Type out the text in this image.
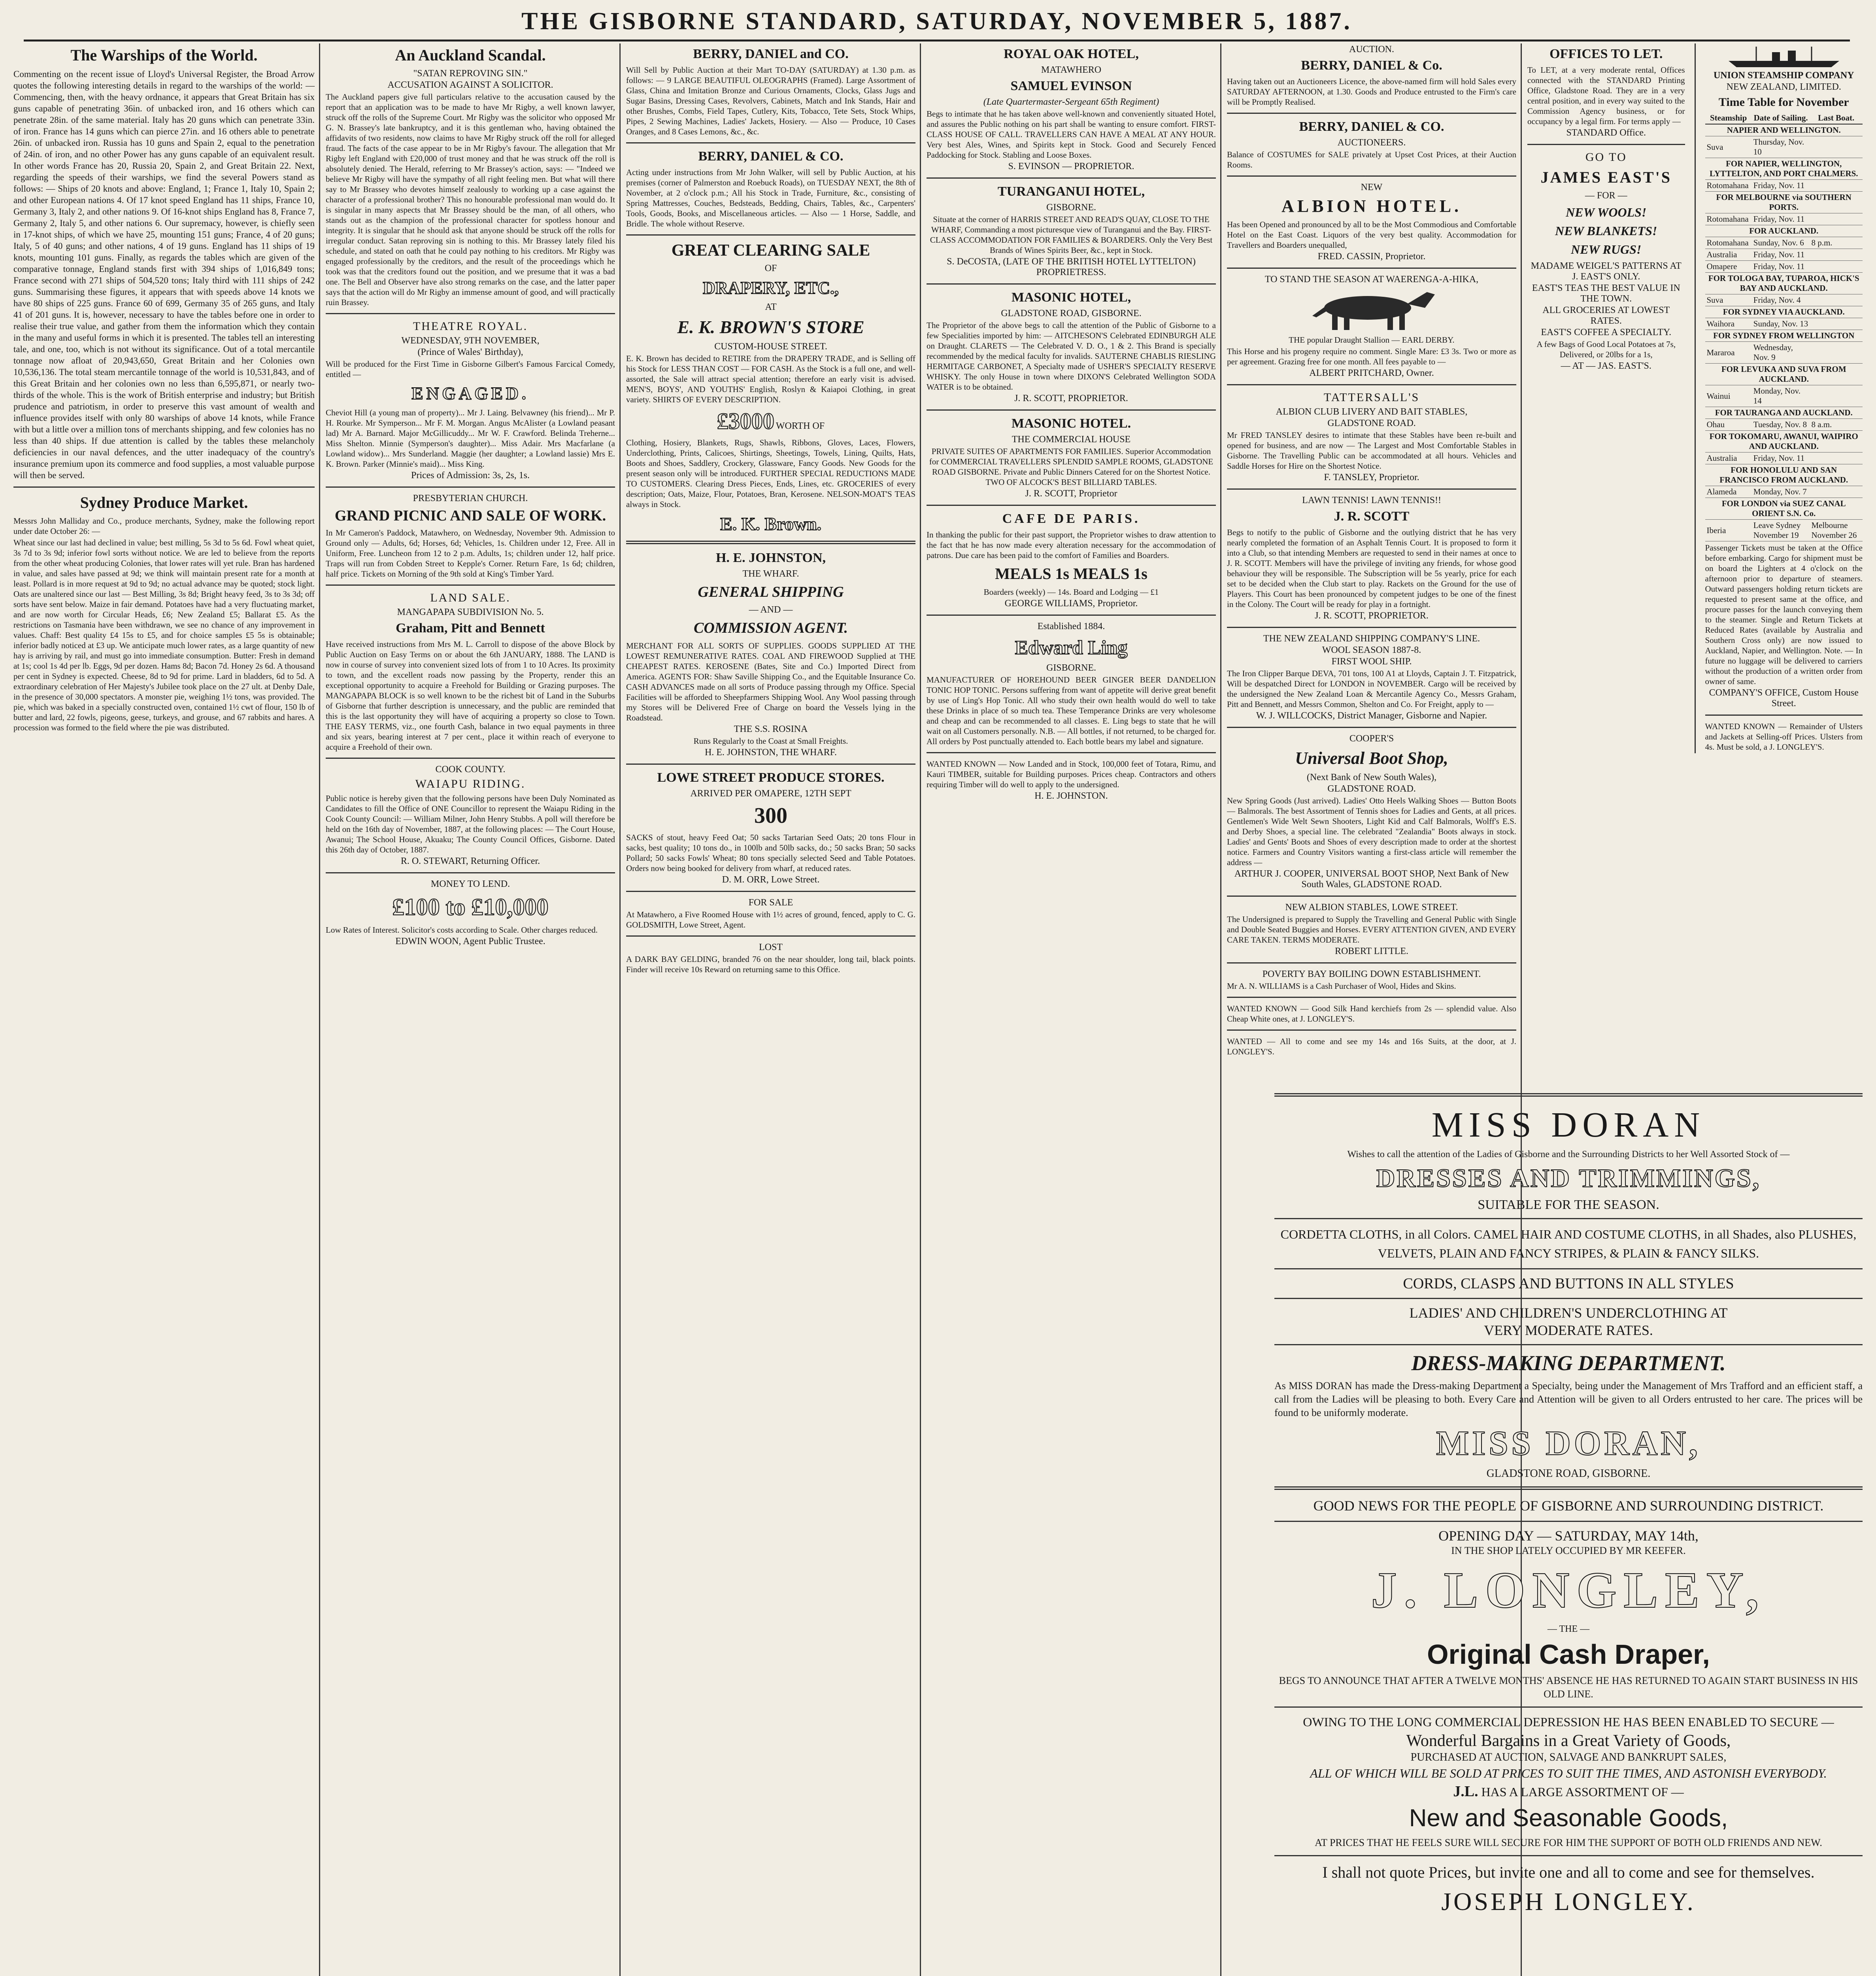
THE GISBORNE STANDARD, SATURDAY, NOVEMBER 5, 1887.
The Warships of the World.

Commenting on the recent issue of Lloyd's Universal Register, the Broad Arrow quotes the following interesting details in regard to the warships of the world: — Commencing, then, with the heavy ordnance, it appears that Great Britain has six guns capable of penetrating 36in. of unbacked iron, and 16 others which can penetrate 28in. of the same material. Italy has 20 guns which can penetrate 33in. of iron. France has 14 guns which can pierce 27in. and 16 others able to penetrate 26in. of unbacked iron. Russia has 10 guns and Spain 2, equal to the penetration of 24in. of iron, and no other Power has any guns capable of an equivalent result. In other words France has 20, Russia 20, Spain 2, and Great Britain 22. Next, regarding the speeds of their warships, we find the several Powers stand as follows: — Ships of 20 knots and above: England, 1; France 1, Italy 10, Spain 2; and other European nations 4. Of 17 knot speed England has 11 ships, France 10, Germany 3, Italy 2, and other nations 9. Of 16-knot ships England has 8, France 7, Germany 2, Italy 5, and other nations 6. Our supremacy, however, is chiefly seen in 17-knot ships, of which we have 25, mounting 151 guns; France, 4 of 20 guns; Italy, 5 of 40 guns; and other nations, 4 of 19 guns. England has 11 ships of 19 knots, mounting 101 guns. Finally, as regards the tables which are given of the comparative tonnage, England stands first with 394 ships of 1,016,849 tons; France second with 271 ships of 504,520 tons; Italy third with 111 ships of 242 guns. Summarising these figures, it appears that with speeds above 14 knots we have 80 ships of 225 guns. France 60 of 699, Germany 35 of 265 guns, and Italy 41 of 201 guns. It is, however, necessary to have the tables before one in order to realise their true value, and gather from them the information which they contain in the many and useful forms in which it is presented. The tables tell an interesting tale, and one, too, which is not without its significance. Out of a total mercantile tonnage now afloat of 20,943,650, Great Britain and her Colonies own 10,536,136. The total steam mercantile tonnage of the world is 10,531,843, and of this Great Britain and her colonies own no less than 6,595,871, or nearly two-thirds of the whole. This is the work of British enterprise and industry; but British prudence and patriotism, in order to preserve this vast amount of wealth and influence provides itself with only 80 warships of above 14 knots, while France with but a little over a million tons of merchants shipping, and few colonies has no less than 40 ships. If due attention is called by the tables these melancholy deficiencies in our naval defences, and the utter inadequacy of the country's insurance premium upon its commerce and food supplies, a most valuable purpose will then be served.

Sydney Produce Market.

Messrs John Malliday and Co., produce merchants, Sydney, make the following report under date October 26: —

Wheat since our last had declined in value; best milling, 5s 3d to 5s 6d. Fowl wheat quiet, 3s 7d to 3s 9d; inferior fowl sorts without notice. We are led to believe from the reports from the other wheat producing Colonies, that lower rates will yet rule. Bran has hardened in value, and sales have passed at 9d; we think will maintain present rate for a month at least. Pollard is in more request at 9d to 9d; no actual advance may be quoted; stock light. Oats are unaltered since our last — Best Milling, 3s 8d; Bright heavy feed, 3s to 3s 3d; off sorts have sent below. Maize in fair demand. Potatoes have had a very fluctuating market, and are now worth for Circular Heads, £6; New Zealand £5; Ballarat £5. As the restrictions on Tasmania have been withdrawn, we see no chance of any improvement in values. Chaff: Best quality £4 15s to £5, and for choice samples £5 5s is obtainable; inferior badly noticed at £3 up. We anticipate much lower rates, as a large quantity of new hay is arriving by rail, and must go into immediate consumption. Butter: Fresh in demand at 1s; cool 1s 4d per lb. Eggs, 9d per dozen. Hams 8d; Bacon 7d. Honey 2s 6d. A thousand per cent in Sydney is expected. Cheese, 8d to 9d for prime. Lard in bladders, 6d to 5d. A extraordinary celebration of Her Majesty's Jubilee took place on the 27 ult. at Denby Dale, in the presence of 30,000 spectators. A monster pie, weighing 1½ tons, was provided. The pie, which was baked in a specially constructed oven, contained 1½ cwt of flour, 150 lb of butter and lard, 22 fowls, pigeons, geese, turkeys, and grouse, and 67 rabbits and hares. A procession was formed to the field where the pie was distributed.

An Auckland Scandal.

"SATAN REPROVING SIN."

ACCUSATION AGAINST A SOLICITOR.

The Auckland papers give full particulars relative to the accusation caused by the report that an application was to be made to have Mr Rigby, a well known lawyer, struck off the rolls of the Supreme Court. Mr Rigby was the solicitor who opposed Mr G. N. Brassey's late bankruptcy, and it is this gentleman who, having obtained the affidavits of two residents, now claims to have Mr Rigby struck off the roll for alleged fraud. The facts of the case appear to be in Mr Rigby's favour. The allegation that Mr Rigby left England with £20,000 of trust money and that he was struck off the roll is absolutely denied. The Herald, referring to Mr Brassey's action, says: — "Indeed we believe Mr Rigby will have the sympathy of all right feeling men. But what will there say to Mr Brassey who devotes himself zealously to working up a case against the character of a professional brother? This no honourable professional man would do. It is singular in many aspects that Mr Brassey should be the man, of all others, who stands out as the champion of the professional character for spotless honour and integrity. It is singular that he should ask that anyone should be struck off the rolls for irregular conduct. Satan reproving sin is nothing to this. Mr Brassey lately filed his schedule, and stated on oath that he could pay nothing to his creditors. Mr Rigby was engaged professionally by the creditors, and the result of the proceedings which he took was that the creditors found out the position, and we presume that it was a bad one. The Bell and Observer have also strong remarks on the case, and the latter paper says that the action will do Mr Rigby an immense amount of good, and will practically ruin Brassey.

THEATRE ROYAL.

WEDNESDAY, 9TH NOVEMBER,

(Prince of Wales' Birthday),

Will be produced for the First Time in Gisborne Gilbert's Famous Farcical Comedy, entitled —

ENGAGED.

Cheviot Hill (a young man of property)... Mr J. Laing. Belvawney (his friend)... Mr P. H. Rourke. Mr Symperson... Mr F. M. Morgan. Angus McAlister (a Lowland peasant lad) Mr A. Barnard. Major McGillicuddy... Mr W. F. Crawford. Belinda Treherne... Miss Shelton. Minnie (Symperson's daughter)... Miss Adair. Mrs Macfarlane (a Lowland widow)... Mrs Sunderland. Maggie (her daughter; a Lowland lassie) Mrs E. K. Brown. Parker (Minnie's maid)... Miss King.

Prices of Admission: 3s, 2s, 1s.

PRESBYTERIAN CHURCH.

GRAND PICNIC AND SALE OF WORK.

In Mr Cameron's Paddock, Matawhero, on Wednesday, November 9th. Admission to Ground only — Adults, 6d; Horses, 6d; Vehicles, 1s. Children under 12, Free. All in Uniform, Free. Luncheon from 12 to 2 p.m. Adults, 1s; children under 12, half price. Traps will run from Cobden Street to Kepple's Corner. Return Fare, 1s 6d; children, half price. Tickets on Morning of the 9th sold at King's Timber Yard.

LAND SALE.

MANGAPAPA SUBDIVISION No. 5.

Graham, Pitt and Bennett

Have received instructions from Mrs M. L. Carroll to dispose of the above Block by Public Auction on Easy Terms on or about the 6th JANUARY, 1888. The LAND is now in course of survey into convenient sized lots of from 1 to 10 Acres. Its proximity to town, and the excellent roads now passing by the Property, render this an exceptional opportunity to acquire a Freehold for Building or Grazing purposes. The MANGAPAPA BLOCK is so well known to be the richest bit of Land in the Suburbs of Gisborne that further description is unnecessary, and the public are reminded that this is the last opportunity they will have of acquiring a property so close to Town. THE EASY TERMS, viz., one fourth Cash, balance in two equal payments in three and six years, bearing interest at 7 per cent., place it within reach of everyone to acquire a Freehold of their own.

COOK COUNTY.

WAIAPU RIDING.

Public notice is hereby given that the following persons have been Duly Nominated as Candidates to fill the Office of ONE Councillor to represent the Waiapu Riding in the Cook County Council: — William Milner, John Henry Stubbs. A poll will therefore be held on the 16th day of November, 1887, at the following places: — The Court House, Awanui; The School House, Akuaku; The County Council Offices, Gisborne. Dated this 26th day of October, 1887.

R. O. STEWART, Returning Officer.

MONEY TO LEND.

£100 to £10,000

Low Rates of Interest. Solicitor's costs according to Scale. Other charges reduced.

EDWIN WOON, Agent Public Trustee.

BERRY, DANIEL and CO.

Will Sell by Public Auction at their Mart TO-DAY (SATURDAY) at 1.30 p.m. as follows: — 9 LARGE BEAUTIFUL OLEOGRAPHS (Framed). Large Assortment of Glass, China and Imitation Bronze and Curious Ornaments, Clocks, Glass Jugs and Sugar Basins, Dressing Cases, Revolvers, Cabinets, Match and Ink Stands, Hair and other Brushes, Combs, Field Tapes, Cutlery, Kits, Tobacco, Tete Sets, Stock Whips, Pipes, 2 Sewing Machines, Ladies' Jackets, Hosiery. — Also — Produce, 10 Cases Oranges, and 8 Cases Lemons, &c., &c.

BERRY, DANIEL & CO.

Acting under instructions from Mr John Walker, will sell by Public Auction, at his premises (corner of Palmerston and Roebuck Roads), on TUESDAY NEXT, the 8th of November, at 2 o'clock p.m.; All his Stock in Trade, Furniture, &c., consisting of Spring Mattresses, Couches, Bedsteads, Bedding, Chairs, Tables, &c., Carpenters' Tools, Goods, Books, and Miscellaneous articles. — Also — 1 Horse, Saddle, and Bridle. The whole without Reserve.

GREAT CLEARING SALE

OF

DRAPERY, ETC.,

AT

E. K. BROWN'S STORE

CUSTOM-HOUSE STREET.

E. K. Brown has decided to RETIRE from the DRAPERY TRADE, and is Selling off his Stock for LESS THAN COST — FOR CASH. As the Stock is a full one, and well-assorted, the Sale will attract special attention; therefore an early visit is advised. MEN'S, BOYS', AND YOUTHS' English, Roslyn & Kaiapoi Clothing, in great variety. SHIRTS OF EVERY DESCRIPTION.

£3000 WORTH OF

Clothing, Hosiery, Blankets, Rugs, Shawls, Ribbons, Gloves, Laces, Flowers, Underclothing, Prints, Calicoes, Shirtings, Sheetings, Towels, Lining, Quilts, Hats, Boots and Shoes, Saddlery, Crockery, Glassware, Fancy Goods. New Goods for the present season only will be introduced. FURTHER SPECIAL REDUCTIONS MADE TO CUSTOMERS. Clearing Dress Pieces, Ends, Lines, etc. GROCERIES of every description; Oats, Maize, Flour, Potatoes, Bran, Kerosene. NELSON-MOAT'S TEAS always in Stock.

E. K. Brown.

H. E. JOHNSTON,

THE WHARF.

GENERAL SHIPPING

— AND —

COMMISSION AGENT.

MERCHANT FOR ALL SORTS OF SUPPLIES. GOODS SUPPLIED AT THE LOWEST REMUNERATIVE RATES. COAL AND FIREWOOD Supplied at THE CHEAPEST RATES. KEROSENE (Bates, Site and Co.) Imported Direct from America. AGENTS FOR: Shaw Saville Shipping Co., and the Equitable Insurance Co. CASH ADVANCES made on all sorts of Produce passing through my Office. Special Facilities will be afforded to Sheepfarmers Shipping Wool. Any Wool passing through my Stores will be Delivered Free of Charge on board the Vessels lying in the Roadstead.

THE S.S. ROSINA

Runs Regularly to the Coast at Small Freights.

H. E. JOHNSTON, THE WHARF.

LOWE STREET PRODUCE STORES.

ARRIVED PER OMAPERE, 12TH SEPT

300

SACKS of stout, heavy Feed Oat; 50 sacks Tartarian Seed Oats; 20 tons Flour in sacks, best quality; 10 tons do., in 100lb and 50lb sacks, do.; 50 sacks Bran; 50 sacks Pollard; 50 sacks Fowls' Wheat; 80 tons specially selected Seed and Table Potatoes. Orders now being booked for delivery from wharf, at reduced rates.

D. M. ORR, Lowe Street.

FOR SALE

At Matawhero, a Five Roomed House with 1½ acres of ground, fenced, apply to C. G. GOLDSMITH, Lowe Street, Agent.

LOST

A DARK BAY GELDING, branded 76 on the near shoulder, long tail, black points. Finder will receive 10s Reward on returning same to this Office.

ROYAL OAK HOTEL,

MATAWHERO

SAMUEL EVINSON

(Late Quartermaster-Sergeant 65th Regiment)

Begs to intimate that he has taken above well-known and conveniently situated Hotel, and assures the Public nothing on his part shall be wanting to ensure comfort. FIRST-CLASS HOUSE OF CALL. TRAVELLERS CAN HAVE A MEAL AT ANY HOUR. Very best Ales, Wines, and Spirits kept in Stock. Good and Securely Fenced Paddocking for Stock. Stabling and Loose Boxes.

S. EVINSON — PROPRIETOR.

TURANGANUI HOTEL,

GISBORNE.

Situate at the corner of HARRIS STREET AND READ'S QUAY, CLOSE TO THE WHARF, Commanding a most picturesque view of Turanganui and the Bay. FIRST-CLASS ACCOMMODATION FOR FAMILIES & BOARDERS. Only the Very Best Brands of Wines Spirits Beer, &c., kept in Stock.

S. DeCOSTA, (LATE OF THE BRITISH HOTEL LYTTELTON) PROPRIETRESS.

MASONIC HOTEL,

GLADSTONE ROAD, GISBORNE.

The Proprietor of the above begs to call the attention of the Public of Gisborne to a few Specialities imported by him: — AITCHESON'S Celebrated EDINBURGH ALE on Draught. CLARETS — The Celebrated V. D. O., 1 & 2. This Brand is specially recommended by the medical faculty for invalids. SAUTERNE CHABLIS RIESLING HERMITAGE CARBONET, A Specialty made of USHER'S SPECIALTY RESERVE WHISKY. The only House in town where DIXON'S Celebrated Wellington SODA WATER is to be obtained.

J. R. SCOTT, PROPRIETOR.

MASONIC HOTEL.

THE COMMERCIAL HOUSE

PRIVATE SUITES OF APARTMENTS FOR FAMILIES. Superior Accommodation for COMMERCIAL TRAVELLERS SPLENDID SAMPLE ROOMS, GLADSTONE ROAD GISBORNE. Private and Public Dinners Catered for on the Shortest Notice. TWO OF ALCOCK'S BEST BILLIARD TABLES.

J. R. SCOTT, Proprietor

CAFE DE PARIS.

In thanking the public for their past support, the Proprietor wishes to draw attention to the fact that he has now made every alteration necessary for the accommodation of patrons. Due care has been paid to the comfort of Families and Boarders.

MEALS 1s MEALS 1s

Boarders (weekly) — 14s. Board and Lodging — £1

GEORGE WILLIAMS, Proprietor.

Established 1884.

Edward Ling

GISBORNE.

MANUFACTURER OF HOREHOUND BEER GINGER BEER DANDELION TONIC HOP TONIC. Persons suffering from want of appetite will derive great benefit by use of Ling's Hop Tonic. All who study their own health would do well to take these Drinks in place of so much tea. These Temperance Drinks are very wholesome and cheap and can be recommended to all classes. E. Ling begs to state that he will wait on all Customers personally. N.B. — All bottles, if not returned, to be charged for. All orders by Post punctually attended to. Each bottle bears my label and signature.

WANTED KNOWN — Now Landed and in Stock, 100,000 feet of Totara, Rimu, and Kauri TIMBER, suitable for Building purposes. Prices cheap. Contractors and others requiring Timber will do well to apply to the undersigned.

H. E. JOHNSTON.

AUCTION.

BERRY, DANIEL & Co.

Having taken out an Auctioneers Licence, the above-named firm will hold Sales every SATURDAY AFTERNOON, at 1.30. Goods and Produce entrusted to the Firm's care will be Promptly Realised.

BERRY, DANIEL & CO.

AUCTIONEERS.

Balance of COSTUMES for SALE privately at Upset Cost Prices, at their Auction Rooms.

NEW

ALBION HOTEL.

Has been Opened and pronounced by all to be the Most Commodious and Comfortable Hotel on the East Coast. Liquors of the very best quality. Accommodation for Travellers and Boarders unequalled,

FRED. CASSIN, Proprietor.

TO STAND THE SEASON AT WAERENGA-A-HIKA,

THE popular Draught Stallion — EARL DERBY.

This Horse and his progeny require no comment. Single Mare: £3 3s. Two or more as per agreement. Grazing free for one month. All fees payable to —

ALBERT PRITCHARD, Owner.

TATTERSALL'S

ALBION CLUB LIVERY AND BAIT STABLES,

GLADSTONE ROAD.

Mr FRED TANSLEY desires to intimate that these Stables have been re-built and opened for business, and are now — The Largest and Most Comfortable Stables in Gisborne. The Travelling Public can be accommodated at all hours. Vehicles and Saddle Horses for Hire on the Shortest Notice.

F. TANSLEY, Proprietor.

LAWN TENNIS! LAWN TENNIS!!

J. R. SCOTT

Begs to notify to the public of Gisborne and the outlying district that he has very nearly completed the formation of an Asphalt Tennis Court. It is proposed to form it into a Club, so that intending Members are requested to send in their names at once to J. R. SCOTT. Members will have the privilege of inviting any friends, for whose good behaviour they will be responsible. The Subscription will be 5s yearly, price for each set to be decided when the Club start to play. Rackets on the Ground for the use of Players. This Court has been pronounced by competent judges to be one of the finest in the Colony. The Court will be ready for play in a fortnight.

J. R. SCOTT, PROPRIETOR.

THE NEW ZEALAND SHIPPING COMPANY'S LINE.

WOOL SEASON 1887-8.

FIRST WOOL SHIP.

The Iron Clipper Barque DEVA, 701 tons, 100 A1 at Lloyds, Captain J. T. Fitzpatrick, Will be despatched Direct for LONDON in NOVEMBER. Cargo will be received by the undersigned the New Zealand Loan & Mercantile Agency Co., Messrs Graham, Pitt and Bennett, and Messrs Common, Shelton and Co. For Freight, apply to —

W. J. WILLCOCKS, District Manager, Gisborne and Napier.

COOPER'S

Universal Boot Shop,

(Next Bank of New South Wales),

GLADSTONE ROAD.

New Spring Goods (Just arrived). Ladies' Otto Heels Walking Shoes — Button Boots — Balmorals. The best Assortment of Tennis shoes for Ladies and Gents, at all prices. Gentlemen's Wide Welt Sewn Shooters, Light Kid and Calf Balmorals, Wolff's E.S. and Derby Shoes, a special line. The celebrated "Zealandia" Boots always in stock. Ladies' and Gents' Boots and Shoes of every description made to order at the shortest notice. Farmers and Country Visitors wanting a first-class article will remember the address —

ARTHUR J. COOPER, UNIVERSAL BOOT SHOP, Next Bank of New South Wales, GLADSTONE ROAD.

NEW ALBION STABLES, LOWE STREET.

The Undersigned is prepared to Supply the Travelling and General Public with Single and Double Seated Buggies and Horses. EVERY ATTENTION GIVEN, AND EVERY CARE TAKEN. TERMS MODERATE.

ROBERT LITTLE.

POVERTY BAY BOILING DOWN ESTABLISHMENT.

Mr A. N. WILLIAMS is a Cash Purchaser of Wool, Hides and Skins.

WANTED KNOWN — Good Silk Hand kerchiefs from 2s — splendid value. Also Cheap White ones, at J. LONGLEY'S.

WANTED — All to come and see my 14s and 16s Suits, at the door, at J. LONGLEY'S.

OFFICES TO LET.

To LET, at a very moderate rental, Offices connected with the STANDARD Printing Office, Gladstone Road. They are in a very central position, and in every way suited to the Commission Agency business, or for occupancy by a legal firm. For terms apply —

STANDARD Office.

GO TO

JAMES EAST'S

— FOR —

NEW WOOLS!

NEW BLANKETS!

NEW RUGS!

MADAME WEIGEL'S PATTERNS AT J. EAST'S ONLY.

EAST'S TEAS THE BEST VALUE IN THE TOWN.

ALL GROCERIES AT LOWEST RATES.

EAST'S COFFEE A SPECIALTY.

A few Bags of Good Local Potatoes at 7s, Delivered, or 20lbs for a 1s,

— AT — JAS. EAST'S.

UNION STEAMSHIP COMPANY

NEW ZEALAND, LIMITED.

Time Table for November
Steamship	Date of Sailing.	Last Boat.
NAPIER AND WELLINGTON.		
Suva	Thursday, Nov. 10	
FOR NAPIER, WELLINGTON, LYTTELTON, AND PORT CHALMERS.		
Rotomahana	Friday, Nov. 11	
FOR MELBOURNE via SOUTHERN PORTS.		
Rotomahana	Friday, Nov. 11	
FOR AUCKLAND.		
Rotomahana	Sunday, Nov. 6	8 p.m.
Australia	Friday, Nov. 11	
Omapere	Friday, Nov. 11	
FOR TOLOGA BAY, TUPAROA, HICK'S BAY AND AUCKLAND.		
Suva	Friday, Nov. 4	
FOR SYDNEY VIA AUCKLAND.		
Waihora	Sunday, Nov. 13	
FOR SYDNEY FROM WELLINGTON		
Mararoa	Wednesday, Nov. 9	
FOR LEVUKA AND SUVA FROM AUCKLAND.		
Wainui	Monday, Nov. 14	
FOR TAURANGA AND AUCKLAND.		
Ohau	Tuesday, Nov. 8	8 a.m.
FOR TOKOMARU, AWANUI, WAIPIRO AND AUCKLAND.		
Australia	Friday, Nov. 11	
FOR HONOLULU AND SAN FRANCISCO FROM AUCKLAND.		
Alameda	Monday, Nov. 7	
FOR LONDON via SUEZ CANAL ORIENT S.N. Co.		
Iberia	Leave Sydney November 19	Melbourne November 26

Passenger Tickets must be taken at the Office before embarking. Cargo for shipment must be on board the Lighters at 4 o'clock on the afternoon prior to departure of steamers. Outward passengers holding return tickets are requested to present same at the office, and procure passes for the launch conveying them to the steamer. Single and Return Tickets at Reduced Rates (available by Australia and Southern Cross only) are now issued to Auckland, Napier, and Wellington. Note. — In future no luggage will be delivered to carriers without the production of a written order from owner of same.

COMPANY'S OFFICE, Custom House Street.

WANTED KNOWN — Remainder of Ulsters and Jackets at Selling-off Prices. Ulsters from 4s. Must be sold, a J. LONGLEY'S.

MISS DORAN

Wishes to call the attention of the Ladies of Gisborne and the Surrounding Districts to her Well Assorted Stock of —

DRESSES AND TRIMMINGS,

SUITABLE FOR THE SEASON.

CORDETTA CLOTHS, in all Colors. CAMEL HAIR AND COSTUME CLOTHS, in all Shades, also PLUSHES, VELVETS, PLAIN AND FANCY STRIPES, & PLAIN & FANCY SILKS.

CORDS, CLASPS AND BUTTONS IN ALL STYLES

LADIES' AND CHILDREN'S UNDERCLOTHING AT

VERY MODERATE RATES.

DRESS-MAKING DEPARTMENT.

As MISS DORAN has made the Dress-making Department a Specialty, being under the Management of Mrs Trafford and an efficient staff, a call from the Ladies will be pleasing to both. Every Care and Attention will be given to all Orders entrusted to her care. The prices will be found to be uniformly moderate.

MISS DORAN,

GLADSTONE ROAD, GISBORNE.

GOOD NEWS FOR THE PEOPLE OF GISBORNE AND SURROUNDING DISTRICT.

OPENING DAY — SATURDAY, MAY 14th,

IN THE SHOP LATELY OCCUPIED BY MR KEEFER.

J. LONGLEY,

— THE —

Original Cash Draper,

BEGS TO ANNOUNCE THAT AFTER A TWELVE MONTHS' ABSENCE HE HAS RETURNED TO AGAIN START BUSINESS IN HIS OLD LINE.

OWING TO THE LONG COMMERCIAL DEPRESSION HE HAS BEEN ENABLED TO SECURE —

Wonderful Bargains in a Great Variety of Goods,

PURCHASED AT AUCTION, SALVAGE AND BANKRUPT SALES,

ALL OF WHICH WILL BE SOLD AT PRICES TO SUIT THE TIMES, AND ASTONISH EVERYBODY.

J.L. HAS A LARGE ASSORTMENT OF —

New and Seasonable Goods,

AT PRICES THAT HE FEELS SURE WILL SECURE FOR HIM THE SUPPORT OF BOTH OLD FRIENDS AND NEW.

I shall not quote Prices, but invite one and all to come and see for themselves.

JOSEPH LONGLEY.
